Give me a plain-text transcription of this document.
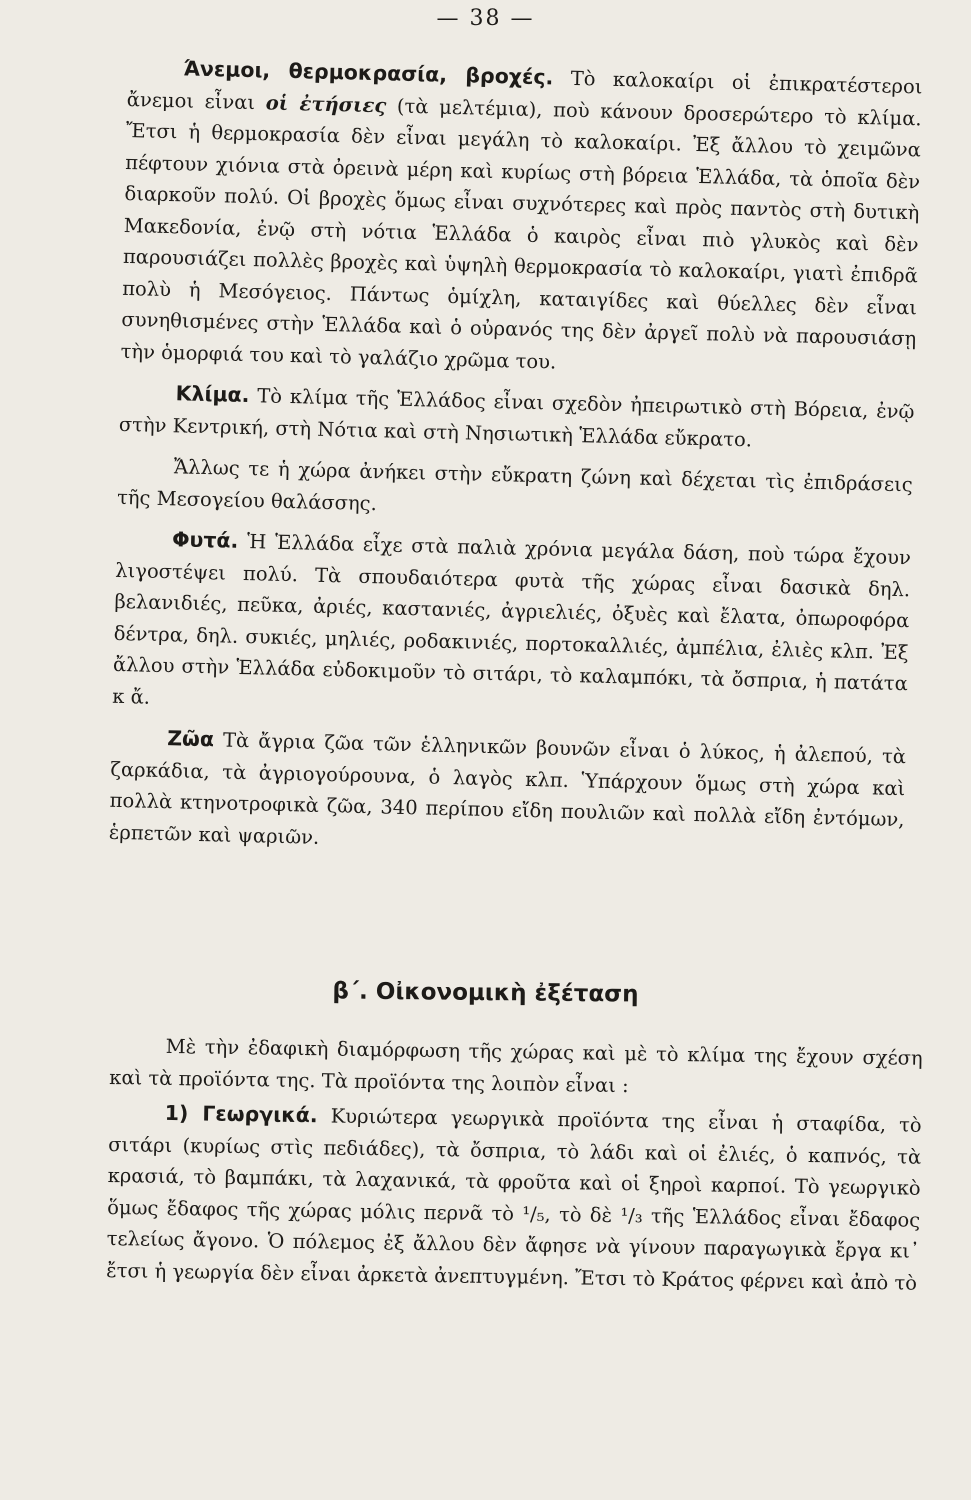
— 38 —

Άνεμοι, θερμοκρασία, βροχές. Τὸ καλοκαίρι οἱ ἐπικρατέστεροι ἄνεμοι εἶναι οἱ ἐτήσιες (τὰ μελτέμια), ποὺ κάνουν δροσερώτερο τὸ κλίμα. Ἔτσι ἡ θερμοκρασία δὲν εἶναι μεγάλη τὸ καλοκαίρι. Ἐξ ἄλλου τὸ χειμῶνα πέφτουν χιόνια στὰ ὀρεινὰ μέρη καὶ κυρίως στὴ βόρεια Ἑλλάδα, τὰ ὁποῖα δὲν διαρκοῦν πολύ. Οἱ βροχὲς ὅμως εἶναι συχνότερες καὶ πρὸς παντὸς στὴ δυτικὴ Μακεδονία, ἐνῷ στὴ νότια Ἑλλάδα ὁ καιρὸς εἶναι πιὸ γλυκὸς καὶ δὲν παρουσιάζει πολλὲς βροχὲς καὶ ὑψηλὴ θερμοκρασία τὸ καλοκαίρι, γιατὶ ἐπιδρᾶ πολὺ ἡ Μεσόγειος. Πάντως ὁμίχλη, καταιγίδες καὶ θύελλες δὲν εἶναι συνηθισμένες στὴν Ἑλλάδα καὶ ὁ οὐρανός της δὲν ἀργεῖ πολὺ νὰ παρουσιάσῃ τὴν ὁμορφιά του καὶ τὸ γαλάζιο χρῶμα του.

Κλίμα. Τὸ κλίμα τῆς Ἑλλάδος εἶναι σχεδὸν ἠπειρωτικὸ στὴ Βόρεια, ἐνῷ στὴν Κεντρική, στὴ Νότια καὶ στὴ Νησιωτικὴ Ἑλλάδα εὔκρατο.

Ἄλλως τε ἡ χώρα ἀνήκει στὴν εὔκρατη ζώνη καὶ δέχεται τὶς ἐπιδράσεις τῆς Μεσογείου θαλάσσης.

Φυτά. Ἡ Ἑλλάδα εἶχε στὰ παλιὰ χρόνια μεγάλα δάση, ποὺ τώρα ἔχουν λιγοστέψει πολύ. Τὰ σπουδαιότερα φυτὰ τῆς χώρας εἶναι δασικὰ δηλ. βελανιδιές, πεῦκα, ἀριές, καστανιές, ἀγριελιές, ὀξυὲς καὶ ἔλατα, ὀπωροφόρα δέντρα, δηλ. συκιές, μηλιές, ροδακινιές, πορτοκαλλιές, ἀμπέλια, ἐλιὲς κλπ. Ἐξ ἄλλου στὴν Ἑλλάδα εὐδοκιμοῦν τὸ σιτάρι, τὸ καλαμπόκι, τὰ ὄσπρια, ἡ πατάτα κ ἄ.

Ζῶα Τὰ ἄγρια ζῶα τῶν ἑλληνικῶν βουνῶν εἶναι ὁ λύκος, ἡ ἀλεπού, τὰ ζαρκάδια, τὰ ἀγριογούρουνα, ὁ λαγὸς κλπ. Ὑπάρχουν ὅμως στὴ χώρα καὶ πολλὰ κτηνοτροφικὰ ζῶα, 340 περίπου εἴδη πουλιῶν καὶ πολλὰ εἴδη ἐντόμων, ἑρπετῶν καὶ ψαριῶν.

β΄. Οἰκονομικὴ ἐξέταση

Μὲ τὴν ἐδαφικὴ διαμόρφωση τῆς χώρας καὶ μὲ τὸ κλίμα της ἔχουν σχέση καὶ τὰ προϊόντα της. Τὰ προϊόντα της λοιπὸν εἶναι :

1) Γεωργικά. Κυριώτερα γεωργικὰ προϊόντα της εἶναι ἡ σταφίδα, τὸ σιτάρι (κυρίως στὶς πεδιάδες), τὰ ὄσπρια, τὸ λάδι καὶ οἱ ἐλιές, ὁ καπνός, τὰ κρασιά, τὸ βαμπάκι, τὰ λαχανικά, τὰ φροῦτα καὶ οἱ ξηροὶ καρποί. Τὸ γεωργικὸ ὅμως ἔδαφος τῆς χώρας μόλις περνᾶ τὸ ¹/₅, τὸ δὲ ¹/₃ τῆς Ἑλλάδος εἶναι ἔδαφος τελείως ἄγονο. Ὁ πόλεμος ἐξ ἄλλου δὲν ἄφησε νὰ γίνουν παραγωγικὰ ἔργα κι᾿ ἔτσι ἡ γεωργία δὲν εἶναι ἀρκετὰ ἀνεπτυγμένη. Ἔτσι τὸ Κράτος φέρνει καὶ ἀπὸ τὸ
